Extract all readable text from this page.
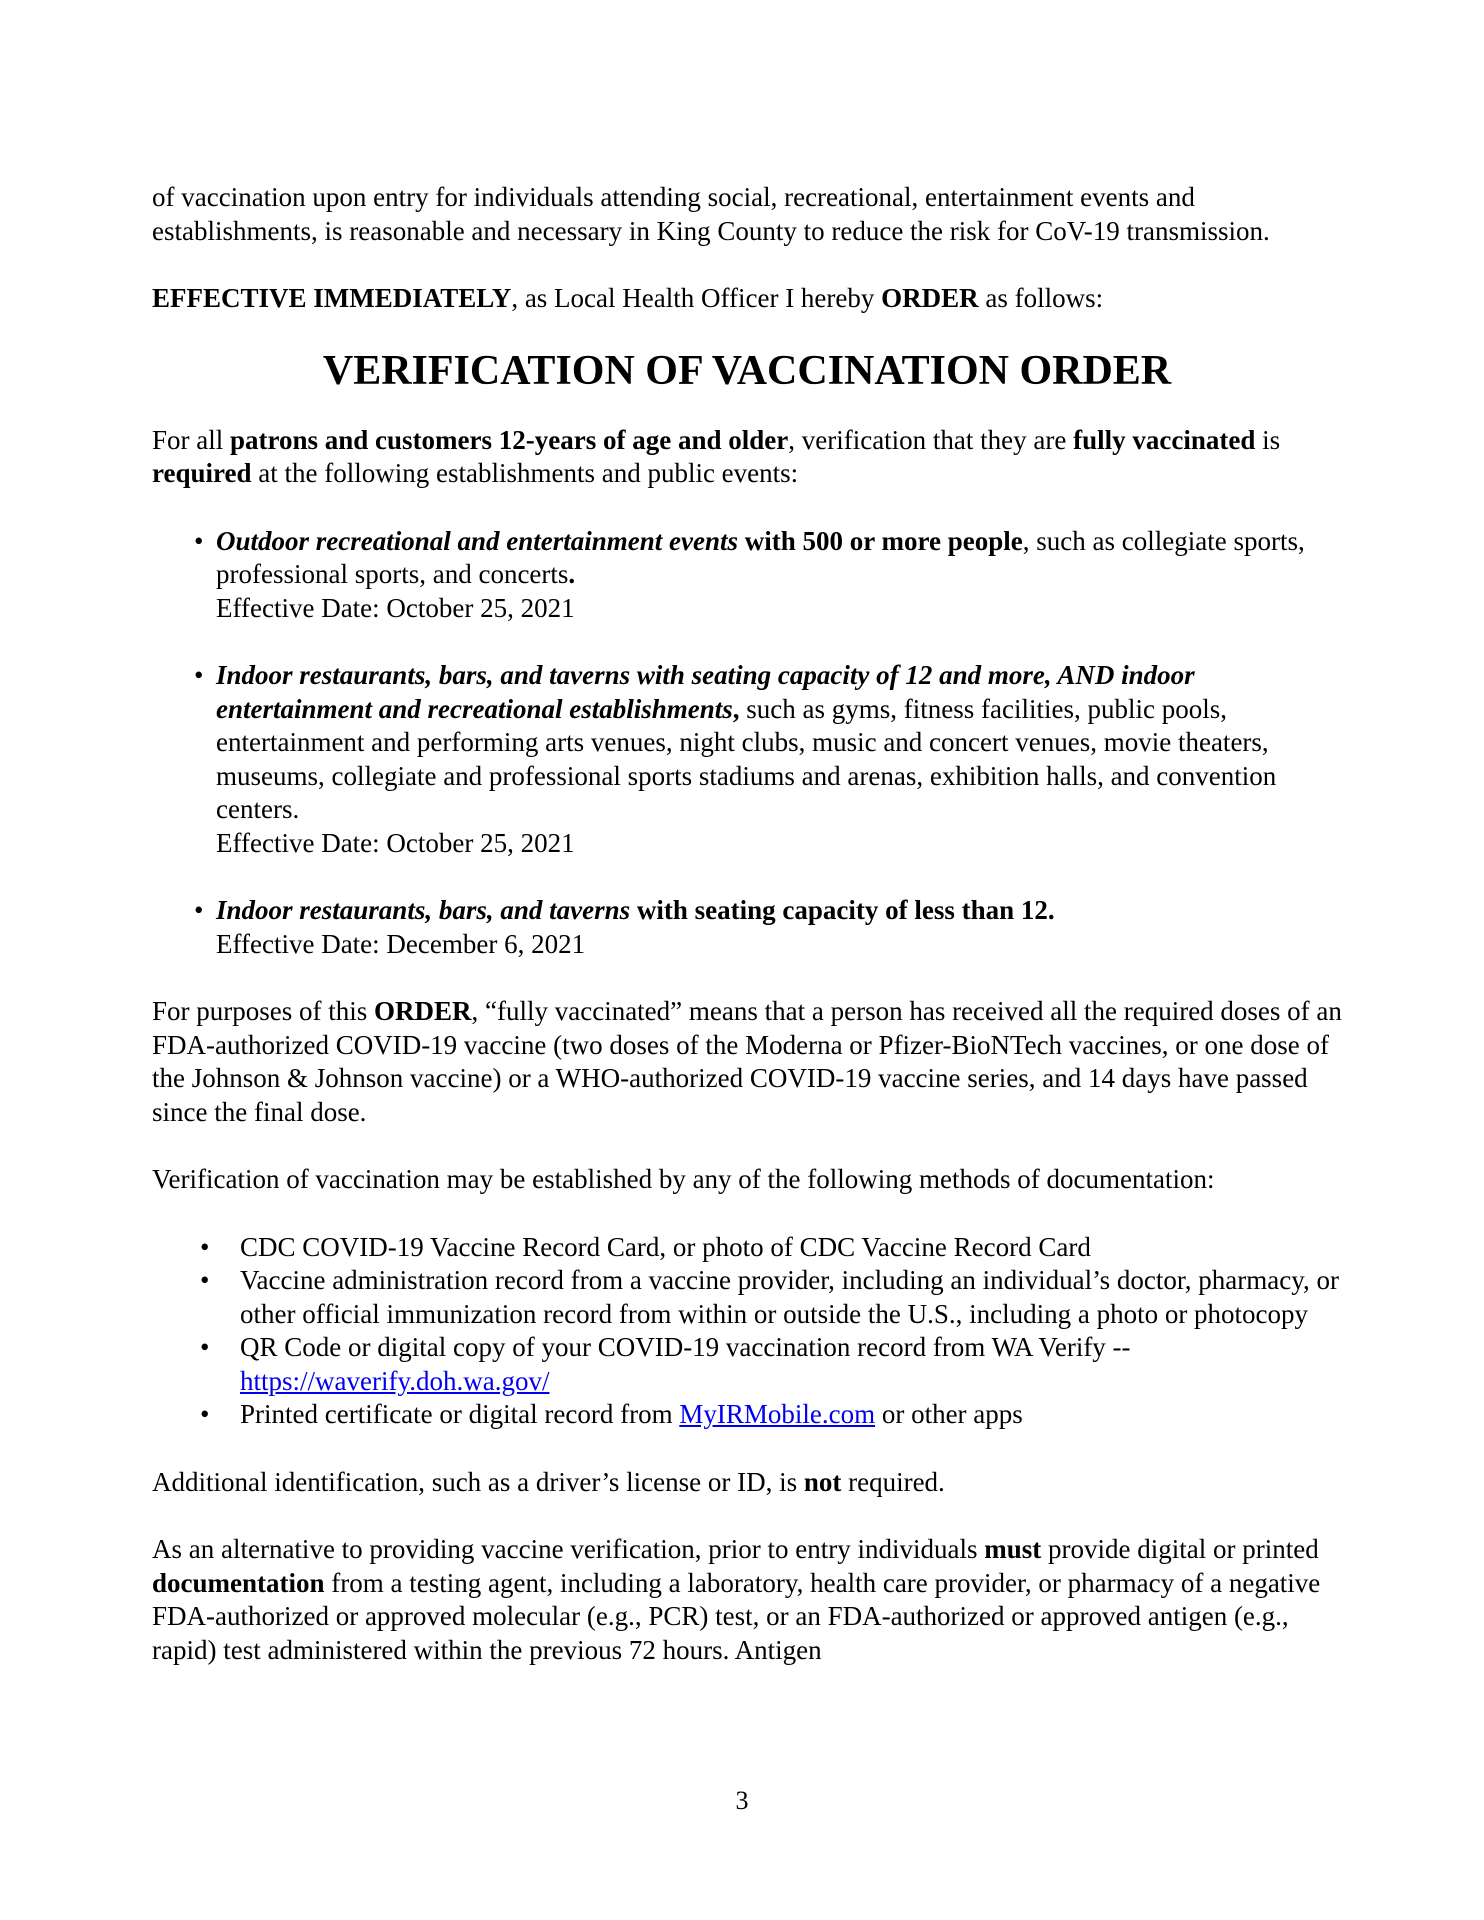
of vaccination upon entry for individuals attending social, recreational, entertainment events and establishments, is reasonable and necessary in King County to reduce the risk for CoV-19 transmission.

EFFECTIVE IMMEDIATELY, as Local Health Officer I hereby ORDER as follows:

VERIFICATION OF VACCINATION ORDER

For all patrons and customers 12-years of age and older, verification that they are fully vaccinated is required at the following establishments and public events:

• Outdoor recreational and entertainment events with 500 or more people, such as collegiate sports, professional sports, and concerts.
Effective Date: October 25, 2021
• Indoor restaurants, bars, and taverns with seating capacity of 12 and more, AND indoor entertainment and recreational establishments, such as gyms, fitness facilities, public pools, entertainment and performing arts venues, night clubs, music and concert venues, movie theaters, museums, collegiate and professional sports stadiums and arenas, exhibition halls, and convention centers.
Effective Date: October 25, 2021
• Indoor restaurants, bars, and taverns with seating capacity of less than 12.
Effective Date: December 6, 2021

For purposes of this ORDER, “fully vaccinated” means that a person has received all the required doses of an FDA-authorized COVID-19 vaccine (two doses of the Moderna or Pfizer-BioNTech vaccines, or one dose of the Johnson & Johnson vaccine) or a WHO-authorized COVID-19 vaccine series, and 14 days have passed since the final dose.

Verification of vaccination may be established by any of the following methods of documentation:

• CDC COVID-19 Vaccine Record Card, or photo of CDC Vaccine Record Card
• Vaccine administration record from a vaccine provider, including an individual’s doctor, pharmacy, or other official immunization record from within or outside the U.S., including a photo or photocopy
• QR Code or digital copy of your COVID-19 vaccination record from WA Verify -- https://waverify.doh.wa.gov/
• Printed certificate or digital record from MyIRMobile.com or other apps

Additional identification, such as a driver’s license or ID, is not required.

As an alternative to providing vaccine verification, prior to entry individuals must provide digital or printed documentation from a testing agent, including a laboratory, health care provider, or pharmacy of a negative FDA-authorized or approved molecular (e.g., PCR) test, or an FDA-authorized or approved antigen (e.g., rapid) test administered within the previous 72 hours. Antigen

3
